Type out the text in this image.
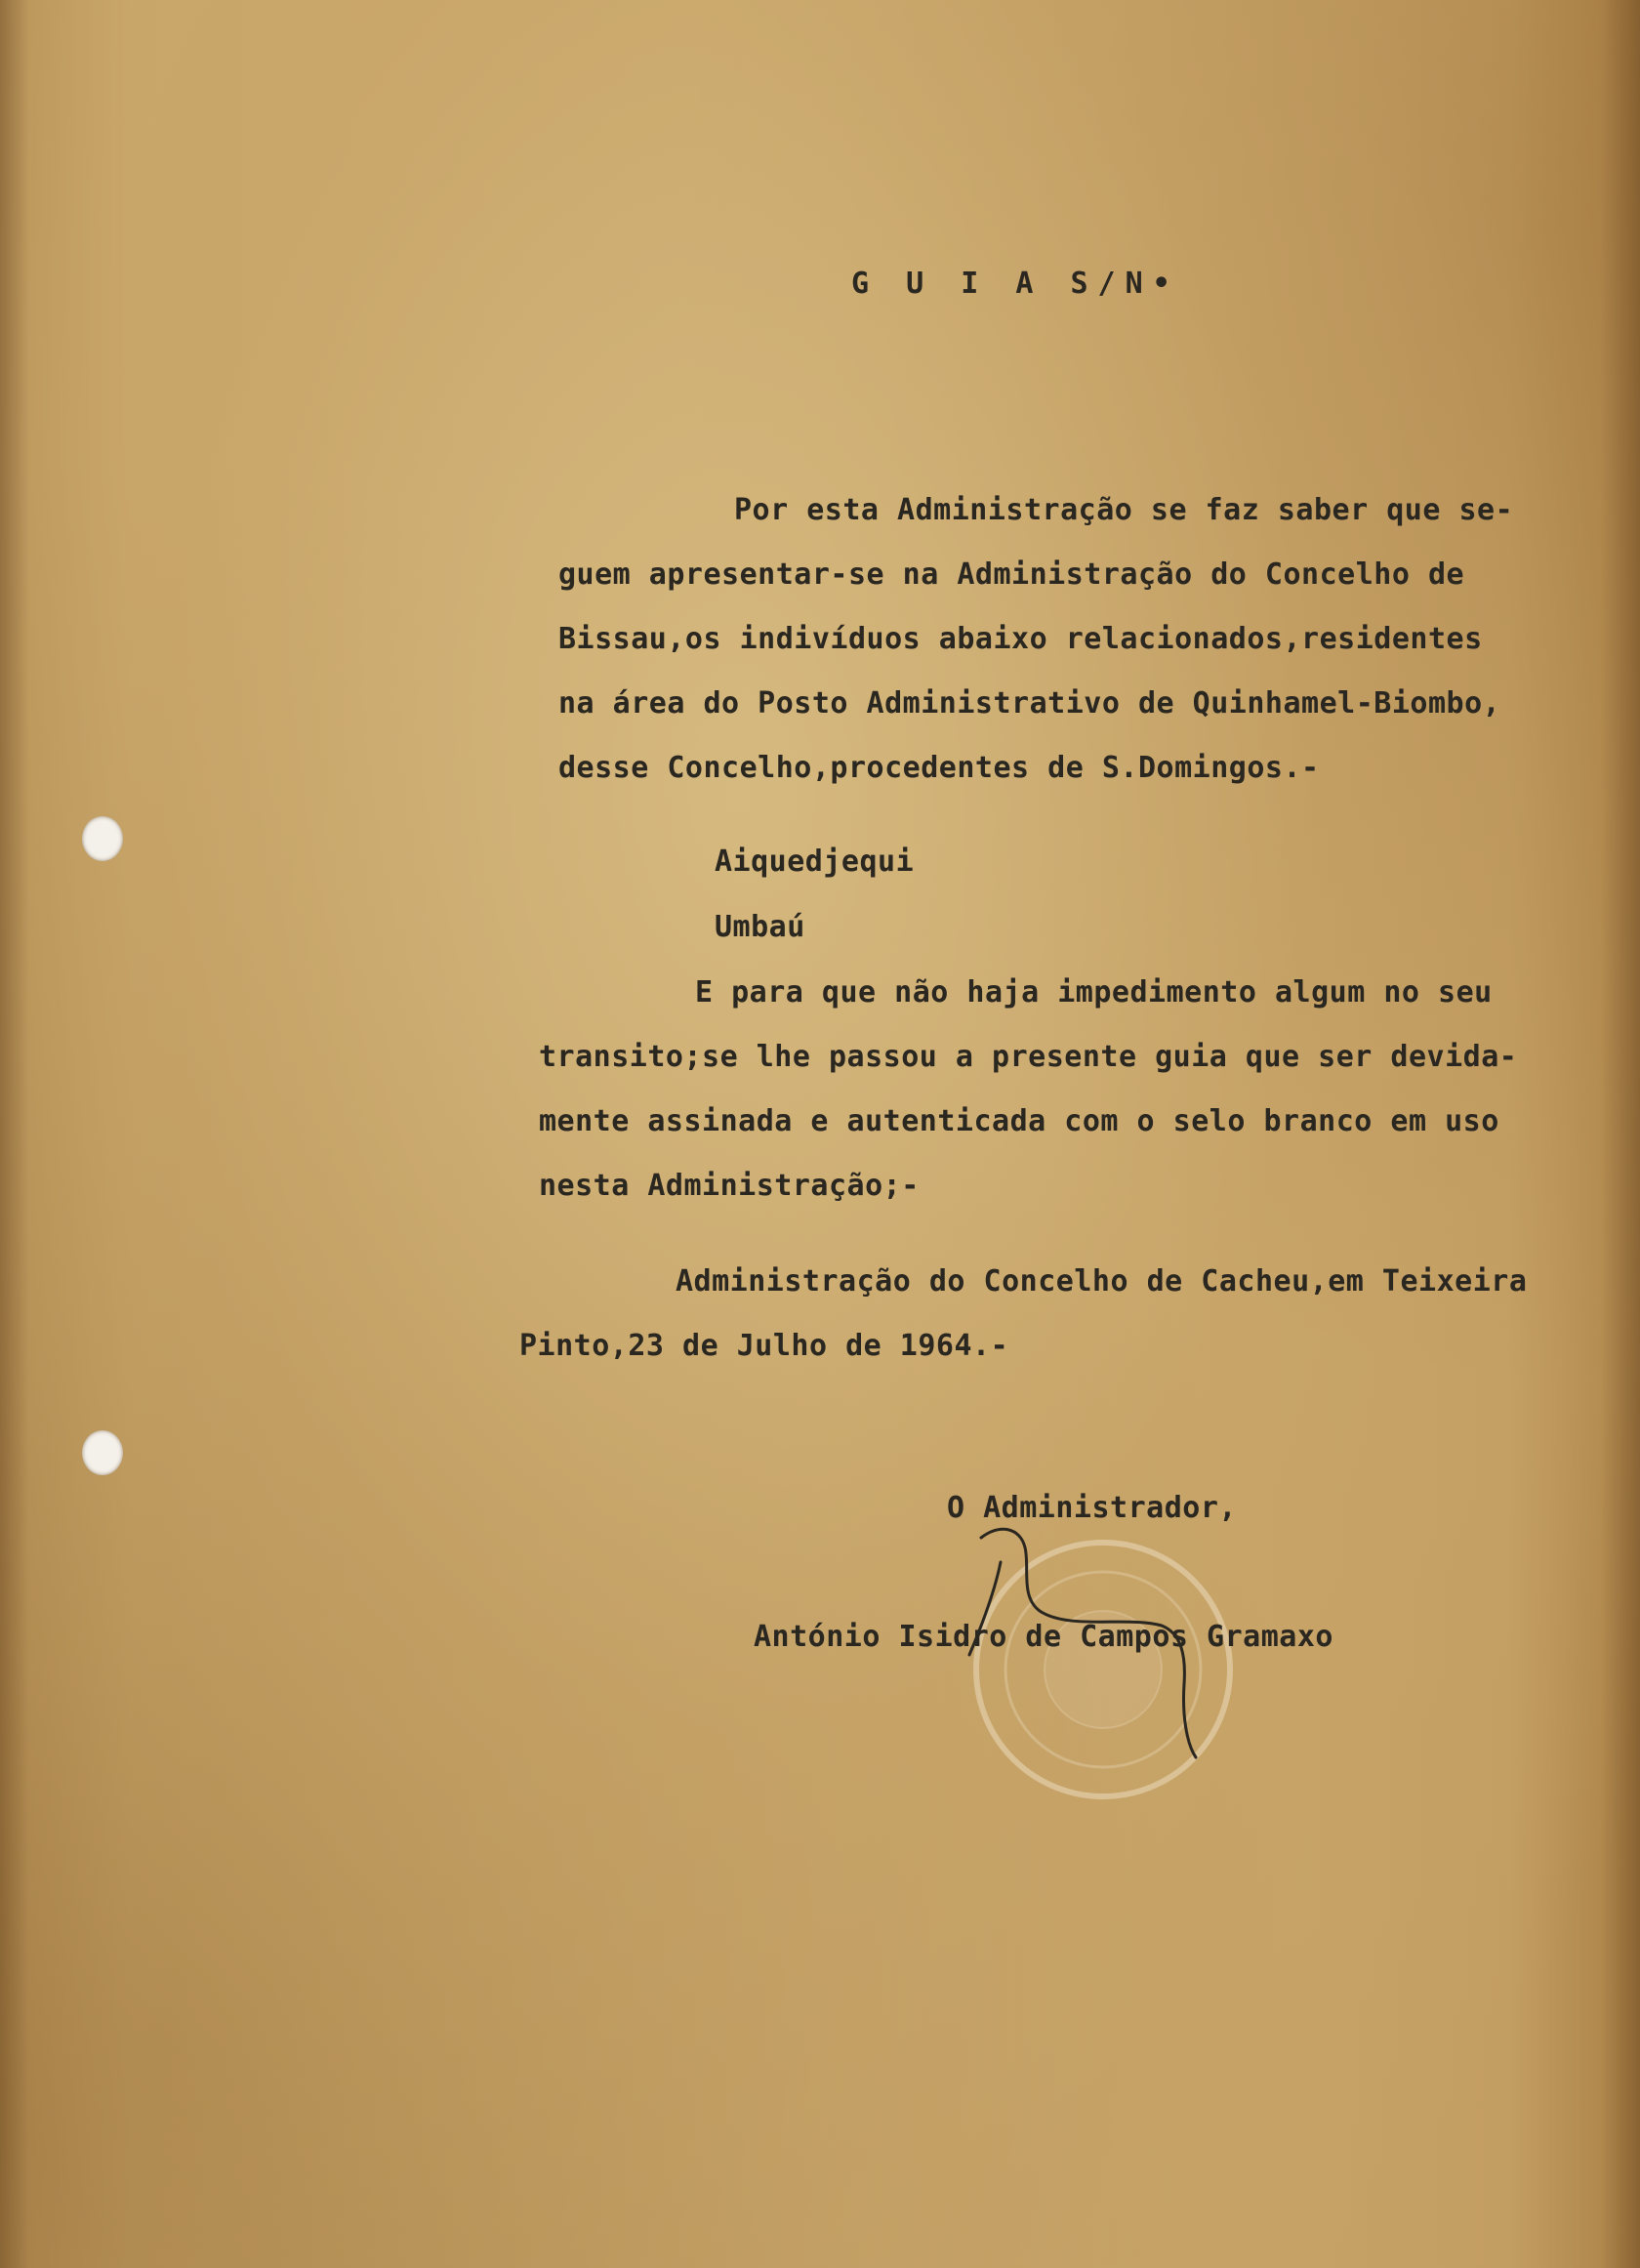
G U I A S/N•
Por esta Administração se faz saber que se-
guem apresentar-se na Administração do Concelho de
Bissau,os indivíduos abaixo relacionados,residentes
na área do Posto Administrativo de Quinhamel-Biombo,
desse Concelho,procedentes de S.Domingos.-
Aiquedjequi
Umbaú
E para que não haja impedimento algum no seu
transito;se lhe passou a presente guia que ser devida-
mente assinada e autenticada com o selo branco em uso
nesta Administração;-
Administração do Concelho de Cacheu,em Teixeira
Pinto,23 de Julho de 1964.-
O Administrador,
António Isidro de Campos Gramaxo
